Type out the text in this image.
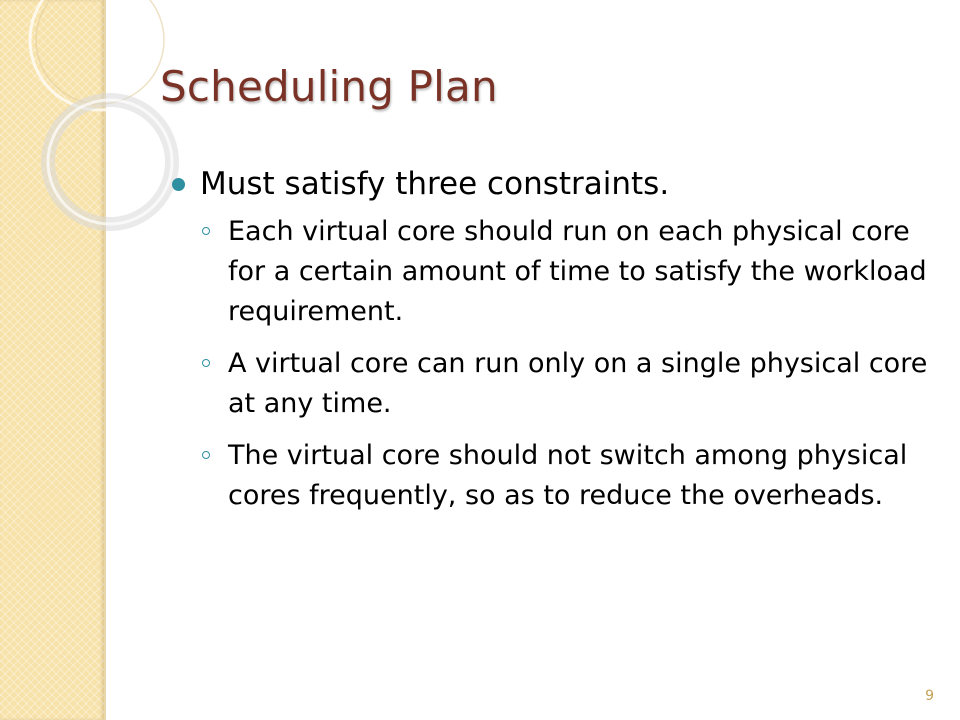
Scheduling Plan
Must satisfy three constraints.
Each virtual core should run on each physical core for a certain amount of time to satisfy the workload requirement.
A virtual core can run only on a single physical core at any time.
The virtual core should not switch among physical cores frequently, so as to reduce the overheads.
9
